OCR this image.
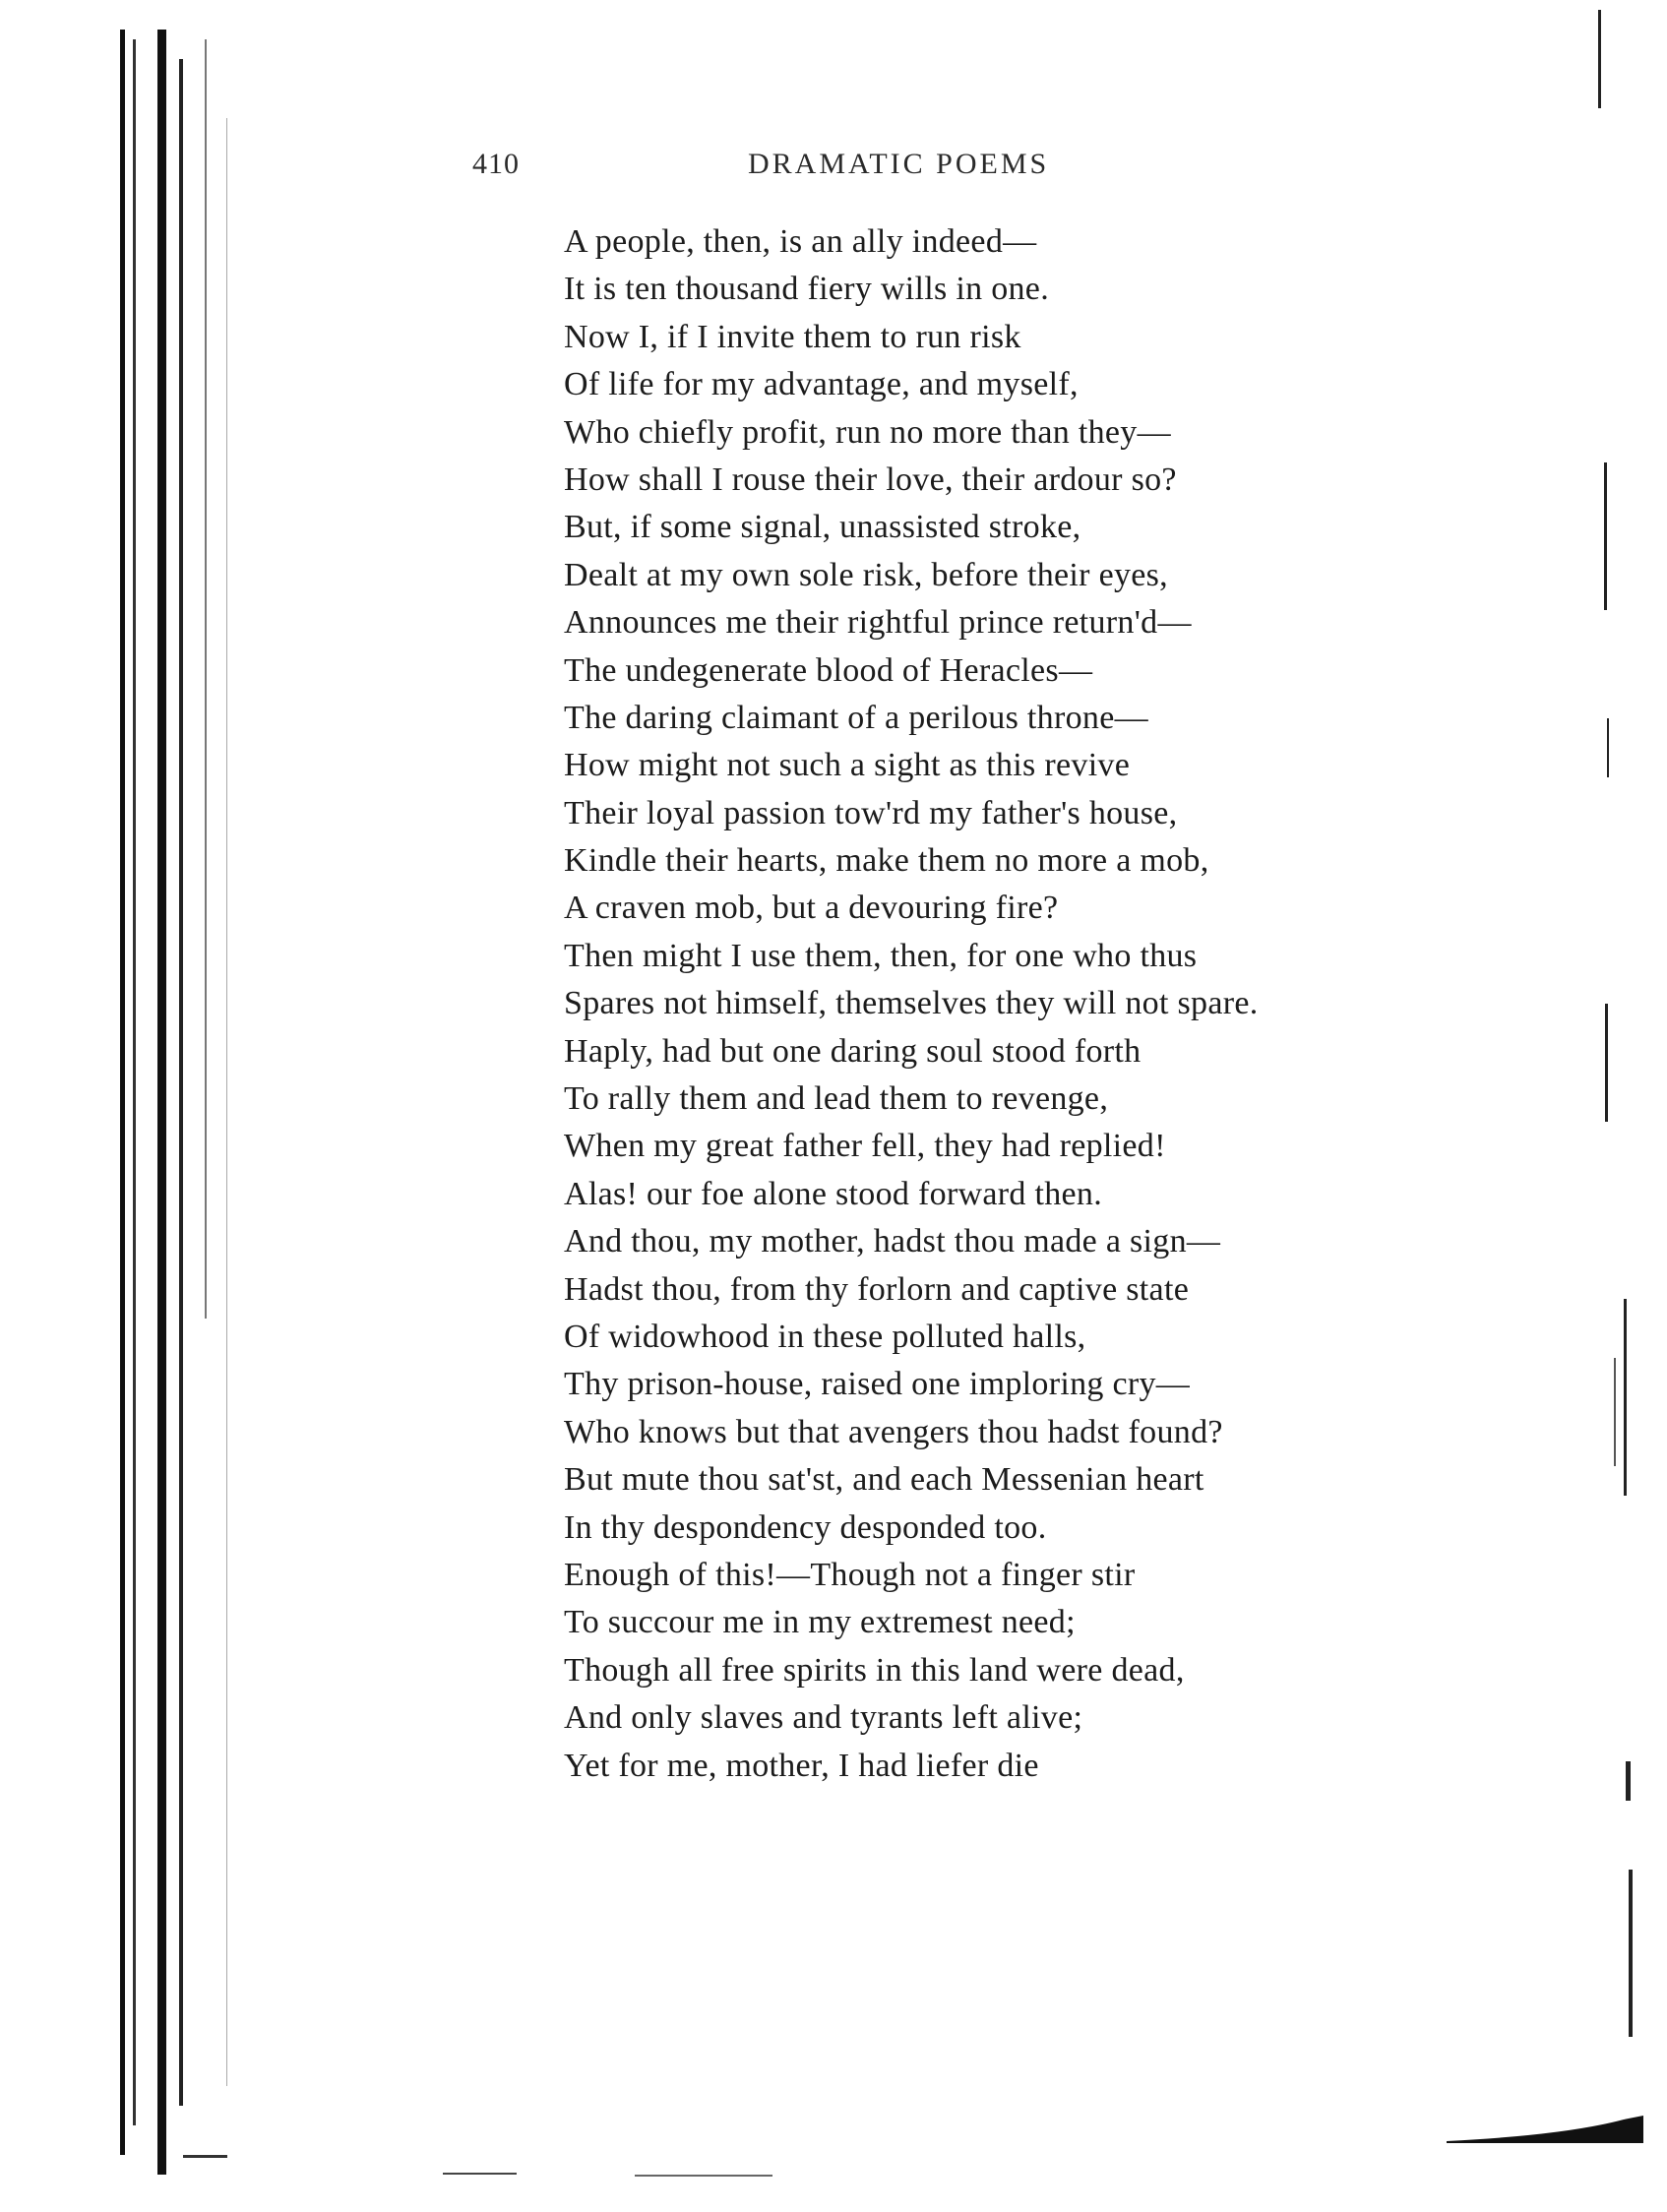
410	DRAMATIC POEMS
A people, then, is an ally indeed—
It is ten thousand fiery wills in one.
Now I, if I invite them to run risk
Of life for my advantage, and myself,
Who chiefly profit, run no more than they—
How shall I rouse their love, their ardour so?
But, if some signal, unassisted stroke,
Dealt at my own sole risk, before their eyes,
Announces me their rightful prince return'd—
The undegenerate blood of Heracles—
The daring claimant of a perilous throne—
How might not such a sight as this revive
Their loyal passion tow'rd my father's house,
Kindle their hearts, make them no more a mob,
A craven mob, but a devouring fire?
Then might I use them, then, for one who thus
Spares not himself, themselves they will not spare.
Haply, had but one daring soul stood forth
To rally them and lead them to revenge,
When my great father fell, they had replied!
Alas! our foe alone stood forward then.
And thou, my mother, hadst thou made a sign—
Hadst thou, from thy forlorn and captive state
Of widowhood in these polluted halls,
Thy prison-house, raised one imploring cry—
Who knows but that avengers thou hadst found?
But mute thou sat'st, and each Messenian heart
In thy despondency desponded too.
Enough of this!—Though not a finger stir
To succour me in my extremest need;
Though all free spirits in this land were dead,
And only slaves and tyrants left alive;
Yet for me, mother, I had liefer die
